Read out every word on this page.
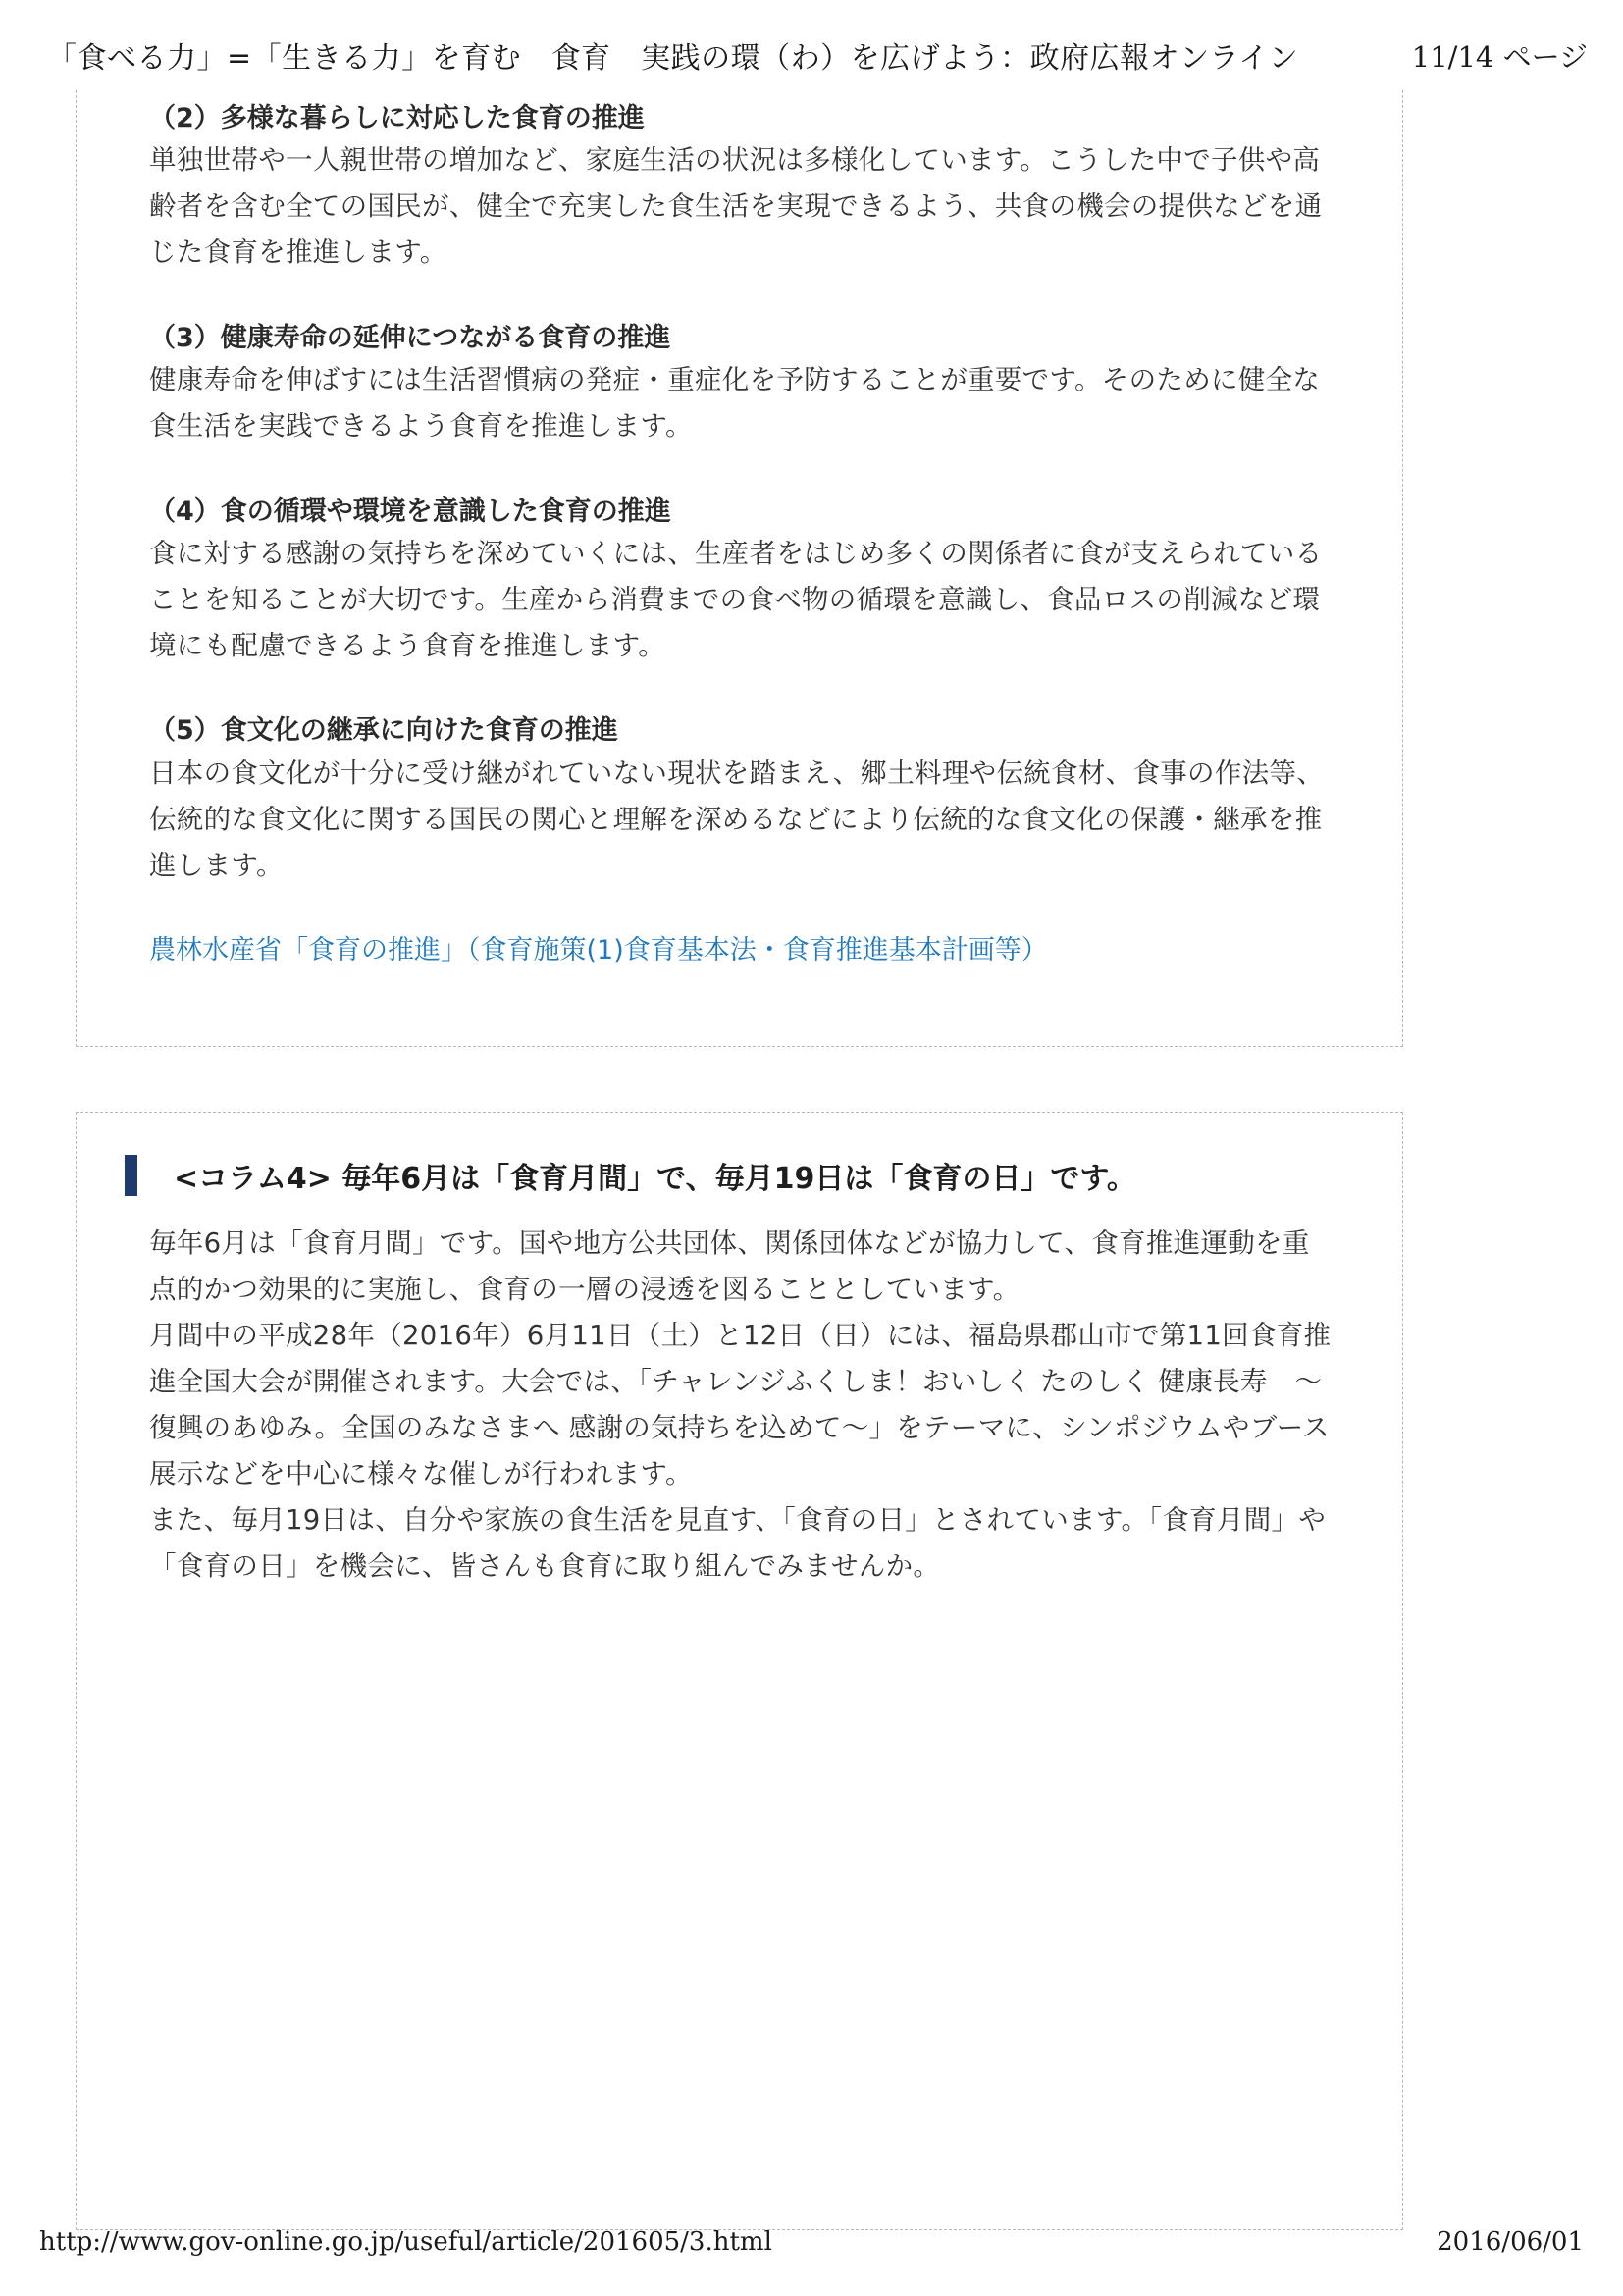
「食べる力」=「生きる力」を育む　食育　実践の環（わ）を広げよう：政府広報オンライン	11/14 ページ
（2）多様な暮らしに対応した食育の推進
単独世帯や一人親世帯の増加など、家庭生活の状況は多様化しています。こうした中で子供や高齢者を含む全ての国民が、健全で充実した食生活を実現できるよう、共食の機会の提供などを通じた食育を推進します。
（3）健康寿命の延伸につながる食育の推進
健康寿命を伸ばすには生活習慣病の発症・重症化を予防することが重要です。そのために健全な食生活を実践できるよう食育を推進します。
（4）食の循環や環境を意識した食育の推進
食に対する感謝の気持ちを深めていくには、生産者をはじめ多くの関係者に食が支えられていることを知ることが大切です。生産から消費までの食べ物の循環を意識し、食品ロスの削減など環境にも配慮できるよう食育を推進します。
（5）食文化の継承に向けた食育の推進
日本の食文化が十分に受け継がれていない現状を踏まえ、郷土料理や伝統食材、食事の作法等、伝統的な食文化に関する国民の関心と理解を深めるなどにより伝統的な食文化の保護・継承を推進します。
農林水産省「食育の推進」（食育施策(1)食育基本法・食育推進基本計画等）
<コラム4> 毎年6月は「食育月間」で、毎月19日は「食育の日」です。
毎年6月は「食育月間」です。国や地方公共団体、関係団体などが協力して、食育推進運動を重点的かつ効果的に実施し、食育の一層の浸透を図ることとしています。
月間中の平成28年（2016年）6月11日（土）と12日（日）には、福島県郡山市で第11回食育推進全国大会が開催されます。大会では、「チャレンジふくしま！おいしく たのしく 健康長寿　～復興のあゆみ。全国のみなさまへ 感謝の気持ちを込めて～」をテーマに、シンポジウムやブース展示などを中心に様々な催しが行われます。
また、毎月19日は、自分や家族の食生活を見直す、「食育の日」とされています。「食育月間」や「食育の日」を機会に、皆さんも食育に取り組んでみませんか。
http://www.gov-online.go.jp/useful/article/201605/3.html	2016/06/01
